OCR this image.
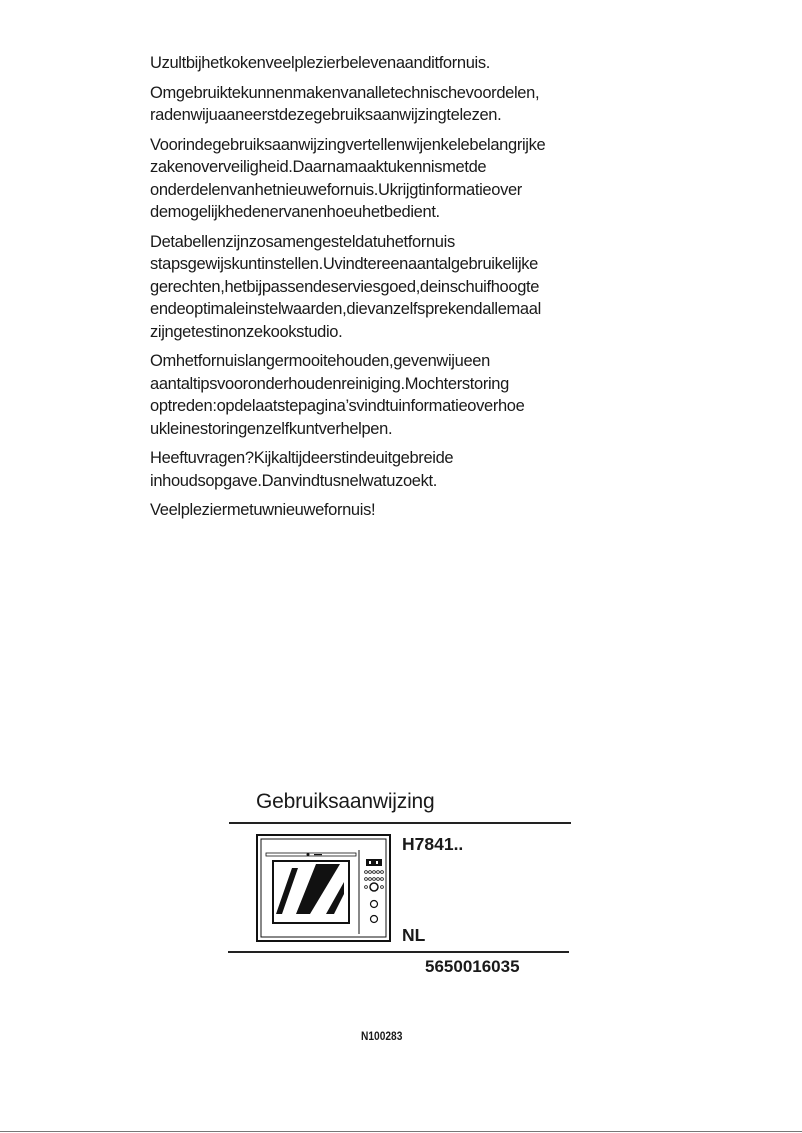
Uzultbijhetkokenveelplezierbelevenaanditfornuis.

Omgebruiktekunnenmakenvanalletechnischevoordelen, radenwijuaaneerstdezegebruiksaanwijzingtelezen.

Voorindegebruiksaanwijzingvertellenwijenkelebelangrijke zakenoverveiligheid.Daarnamaaktukennismetde onderdelenvanhetnieuwefornuis.Ukrijgtinformatieover demogelijkhedenervanenhoeuhetbedient.

Detabellenzijnzosamengesteldatuhetfornuis stapsgewijskuntinstellen.Uvindtereenaantalgebruikelijke gerechten,hetbijpassendeserviesgoed,deinschuifhoogte endeoptimaleinstelwaarden,dievanzelfsprekendallemaal zijngetestinonzekookstudio.

Omhetfornuislangermooitehouden,gevenwijueen aantaltipsvooronderhoudenreiniging.Mochterstoring optreden:opdelaatstepagina’svindtuinformatieoverhoe ukleinestoringenzelfkuntverhelpen.

Heeftuvragen?Kijkaltijdeerstindeuitgebreide inhoudsopgave.Danvindtusnelwatuzoekt.

Veelpleziermetuwnieuwefornuis!

Gebruiksaanwijzing
H7841..
NL
5650016035
N100283
